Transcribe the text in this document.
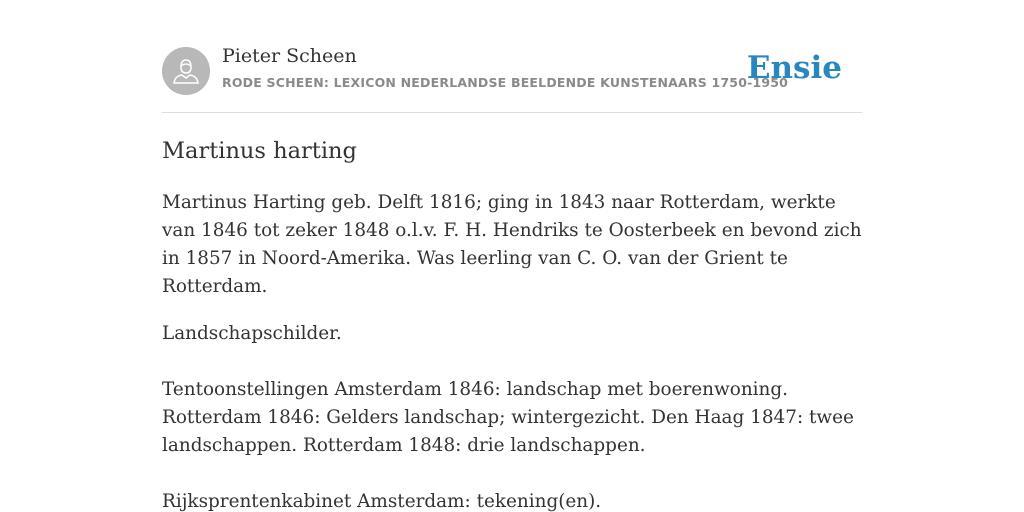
Pieter Scheen
RODE SCHEEN: LEXICON NEDERLANDSE BEELDENDE KUNSTENAARS 1750-1950
Ensie
Martinus harting

Martinus Harting geb. Delft 1816; ging in 1843 naar Rotterdam, werkte van 1846 tot zeker 1848 o.l.v. F. H. Hendriks te Oosterbeek en bevond zich in 1857 in Noord-Amerika. Was leerling van C. O. van der Grient te Rotterdam.

Landschapschilder.

Tentoonstellingen Amsterdam 1846: landschap met boerenwoning. Rotterdam 1846: Gelders landschap; wintergezicht. Den Haag 1847: twee landschappen. Rotterdam 1848: drie landschappen.

Rijksprentenkabinet Amsterdam: tekening(en).
